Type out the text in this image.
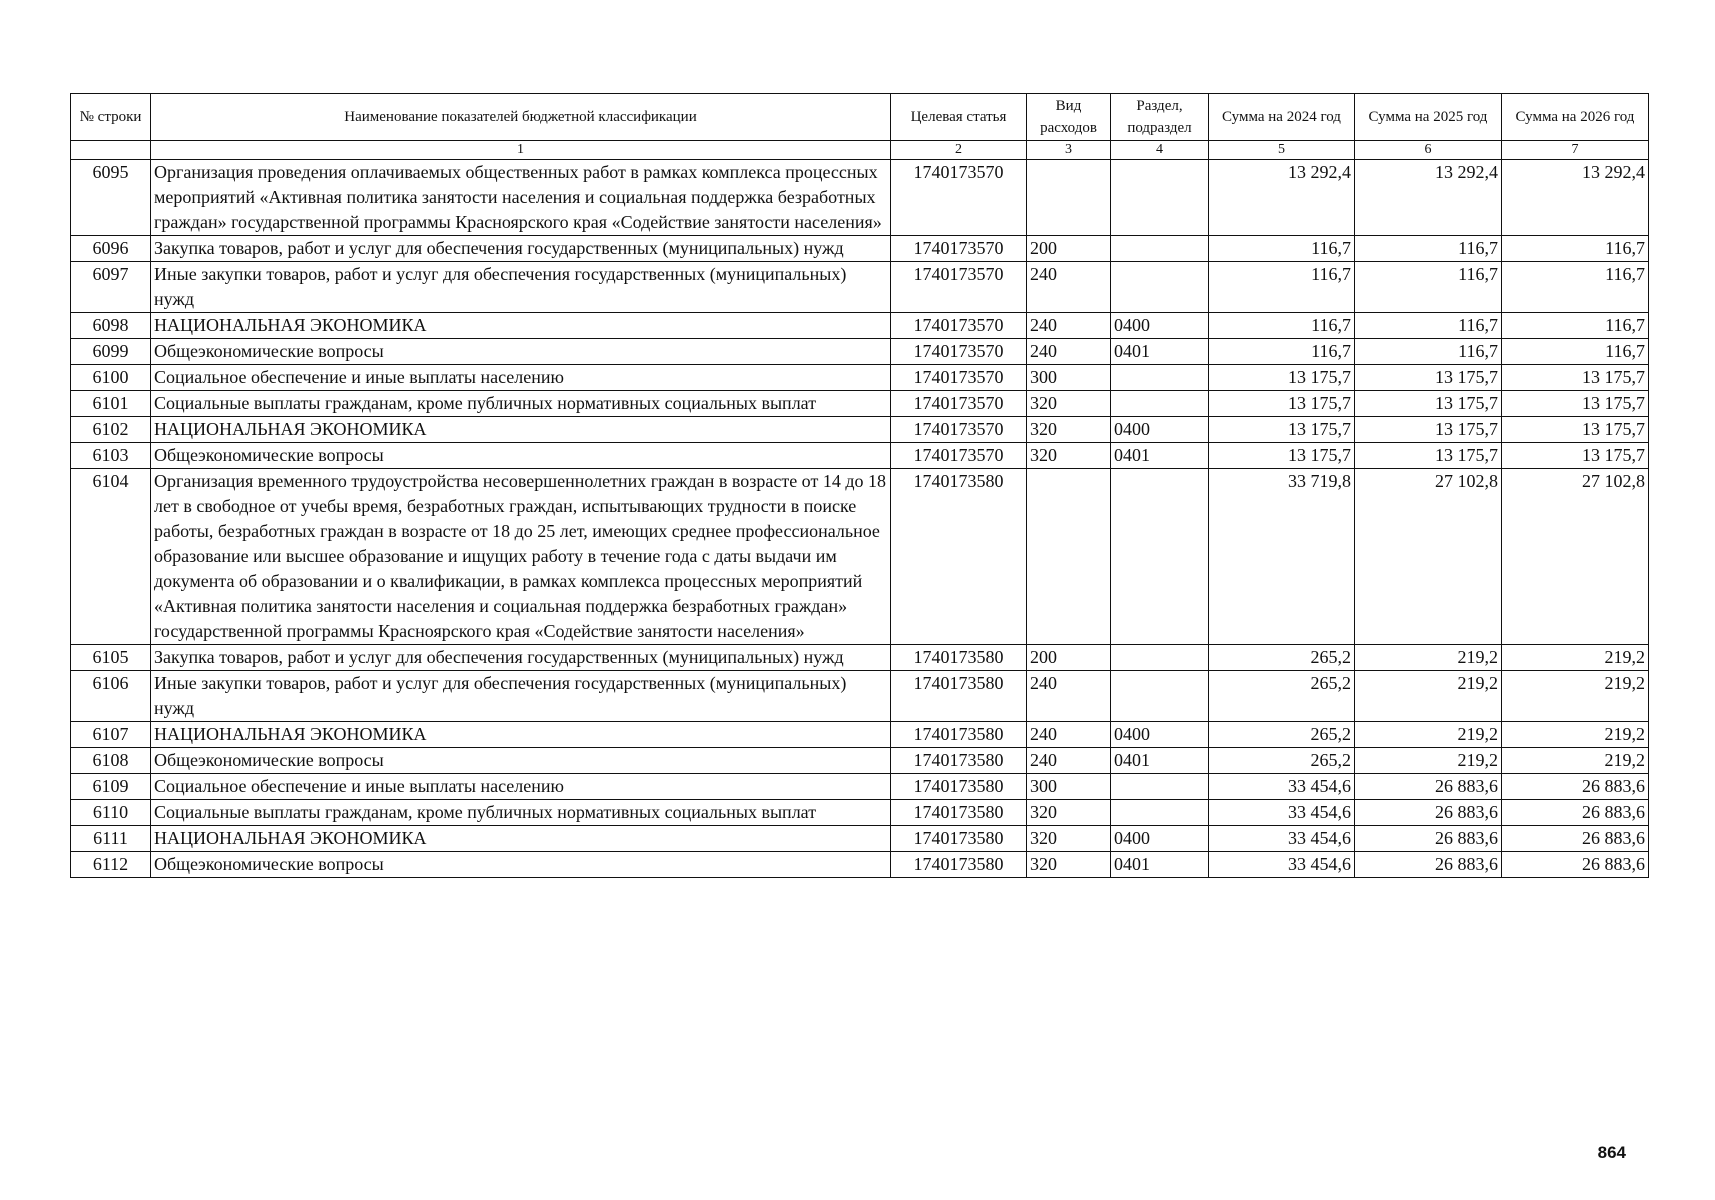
№ строки	Наименование показателей бюджетной классификации	Целевая статья	Вид расходов	Раздел, подраздел	Сумма на 2024 год	Сумма на 2025 год	Сумма на 2026 год
	1	2	3	4	5	6	7
6095	Организация проведения оплачиваемых общественных работ в рамках комплекса процессных мероприятий «Активная политика занятости населения и социальная поддержка безработных граждан» государственной программы Красноярского края «Содействие занятости населения»	1740173570			13 292,4	13 292,4	13 292,4
6096	Закупка товаров, работ и услуг для обеспечения государственных (муниципальных) нужд	1740173570	200		116,7	116,7	116,7
6097	Иные закупки товаров, работ и услуг для обеспечения государственных (муниципальных) нужд	1740173570	240		116,7	116,7	116,7
6098	НАЦИОНАЛЬНАЯ ЭКОНОМИКА	1740173570	240	0400	116,7	116,7	116,7
6099	Общеэкономические вопросы	1740173570	240	0401	116,7	116,7	116,7
6100	Социальное обеспечение и иные выплаты населению	1740173570	300		13 175,7	13 175,7	13 175,7
6101	Социальные выплаты гражданам, кроме публичных нормативных социальных выплат	1740173570	320		13 175,7	13 175,7	13 175,7
6102	НАЦИОНАЛЬНАЯ ЭКОНОМИКА	1740173570	320	0400	13 175,7	13 175,7	13 175,7
6103	Общеэкономические вопросы	1740173570	320	0401	13 175,7	13 175,7	13 175,7
6104	Организация временного трудоустройства несовершеннолетних граждан в возрасте от 14 до 18 лет в свободное от учебы время, безработных граждан, испытывающих трудности в поиске работы, безработных граждан в возрасте от 18 до 25 лет, имеющих среднее профессиональное образование или высшее образование и ищущих работу в течение года с даты выдачи им документа об образовании и о квалификации, в рамках комплекса процессных мероприятий «Активная политика занятости населения и социальная поддержка безработных граждан» государственной программы Красноярского края «Содействие занятости населения»	1740173580			33 719,8	27 102,8	27 102,8
6105	Закупка товаров, работ и услуг для обеспечения государственных (муниципальных) нужд	1740173580	200		265,2	219,2	219,2
6106	Иные закупки товаров, работ и услуг для обеспечения государственных (муниципальных) нужд	1740173580	240		265,2	219,2	219,2
6107	НАЦИОНАЛЬНАЯ ЭКОНОМИКА	1740173580	240	0400	265,2	219,2	219,2
6108	Общеэкономические вопросы	1740173580	240	0401	265,2	219,2	219,2
6109	Социальное обеспечение и иные выплаты населению	1740173580	300		33 454,6	26 883,6	26 883,6
6110	Социальные выплаты гражданам, кроме публичных нормативных социальных выплат	1740173580	320		33 454,6	26 883,6	26 883,6
6111	НАЦИОНАЛЬНАЯ ЭКОНОМИКА	1740173580	320	0400	33 454,6	26 883,6	26 883,6
6112	Общеэкономические вопросы	1740173580	320	0401	33 454,6	26 883,6	26 883,6
864
